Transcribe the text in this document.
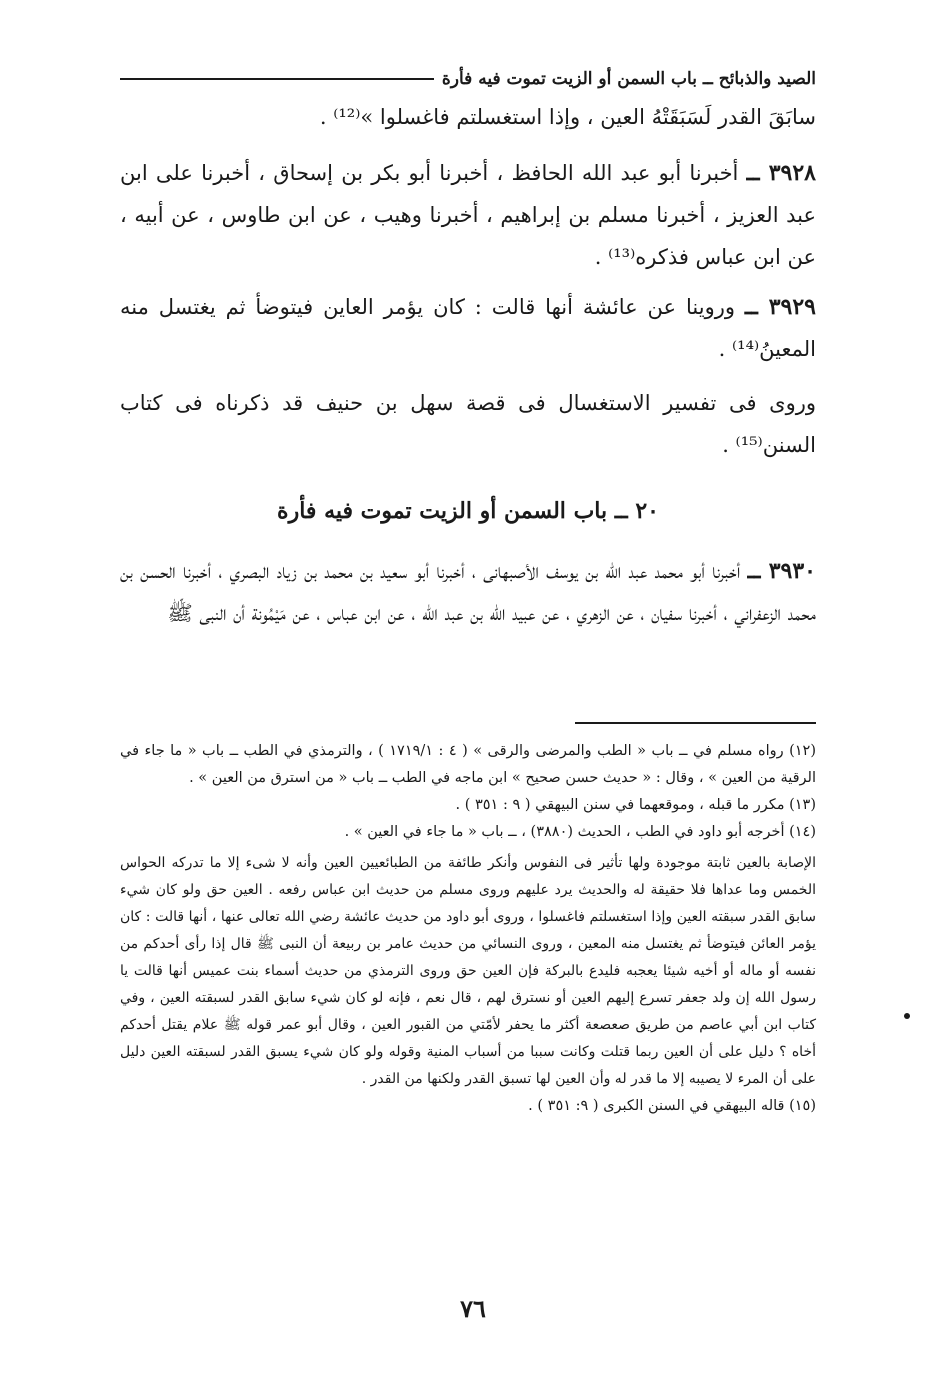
الصيد والذبائح ــ باب السمن أو الزيت تموت فيه فأرة
سابَقَ القدر لَسَبَقَتْهُ العين ، وإذا استغسلتم فاغسلوا »⁽¹²⁾ .
٣٩٢٨ ــ أخبرنا أبو عبد الله الحافظ ، أخبرنا أبو بكر بن إسحاق ، أخبرنا على ابن عبد العزيز ، أخبرنا مسلم بن إبراهيم ، أخبرنا وهيب ، عن ابن طاوس ، عن أبيه ، عن ابن عباس فذكره⁽¹³⁾ .
٣٩٢٩ ــ وروينا عن عائشة أنها قالت : كان يؤمر العاين فيتوضأ ثم يغتسل منه المعينُ⁽¹⁴⁾ .
وروى فى تفسير الاستغسال فى قصة سهل بن حنيف قد ذكرناه فى كتاب السنن⁽¹⁵⁾ .
٢٠ ــ باب السمن أو الزيت تموت فيه فأرة
٣٩٣٠ ــ أخبرنا أبو محمد عبد الله بن يوسف الأصبهانى ، أخبرنا أبو سعيد بن محمد بن زياد البصري ، أخبرنا الحسن بن محمد الزعفراني ، أخبرنا سفيان ، عن الزهري ، عن عبيد الله بن عبد الله ، عن ابن عباس ، عن مَيْمُونة أن النبى ﷺ

(١٢) رواه مسلم في ــ باب « الطب والمرضى والرقى » ( ٤ : ١٧١٩/١ ) ، والترمذي في الطب ــ باب « ما جاء في الرقية من العين » ، وقال : « حديث حسن صحيح » ابن ماجه في الطب ــ باب « من استرق من العين » .

(١٣) مكرر ما قبله ، وموقعهما في سنن البيهقي ( ٩ : ٣٥١ ) .

(١٤) أخرجه أبو داود في الطب ، الحديث (٣٨٨٠) ، ــ باب « ما جاء في العين » .

الإصابة بالعين ثابتة موجودة ولها تأثير فى النفوس وأنكر طائفة من الطبائعيين العين وأنه لا شىء إلا ما تدركه الحواس الخمس وما عداها فلا حقيقة له والحديث يرد عليهم وروى مسلم من حديث ابن عباس رفعه . العين حق ولو كان شيء سابق القدر سبقته العين وإذا استغسلتم فاغسلوا ، وروى أبو داود من حديث عائشة رضي الله تعالى عنها ، أنها قالت : كان يؤمر العائن فيتوضأ ثم يغتسل منه المعين ، وروى النسائي من حديث عامر بن ربيعة أن النبى ﷺ قال إذا رأى أحدكم من نفسه أو ماله أو أخيه شيئا يعجبه فليدع بالبركة فإن العين حق وروى الترمذي من حديث أسماء بنت عميس أنها قالت يا رسول الله إن ولد جعفر تسرع إليهم العين أو نسترق لهم ، قال نعم ، فإنه لو كان شيء سابق القدر لسبقته العين ، وفي كتاب ابن أبي عاصم من طريق صعصعة أكثر ما يحفر لأمّتي من القبور العين ، وقال أبو عمر قوله ﷺ علام يقتل أحدكم أخاه ؟ دليل على أن العين ربما قتلت وكانت سببا من أسباب المنية وقوله ولو كان شيء يسبق القدر لسبقته العين دليل على أن المرء لا يصيبه إلا ما قدر له وأن العين لها تسبق القدر ولكنها من القدر .

(١٥) قاله البيهقي في السنن الكبرى ( ٩: ٣٥١ ) .

٧٦
